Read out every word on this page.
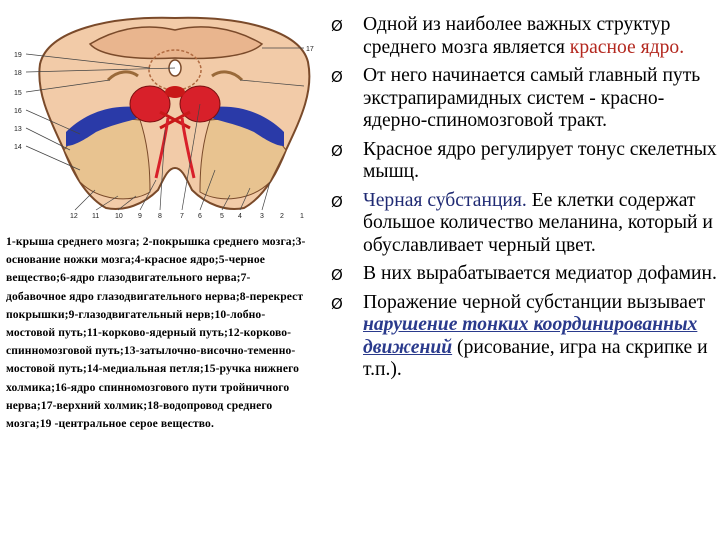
19
18
15
16
13
14
12 11 10 9 8	7 6	5 4	3 2 1
17
1-крыша среднего мозга; 2-покрышка среднего мозга;3-основание ножки мозга;4-красное ядро;5-черное вещество;6-ядро глазодвигательного нерва;7-добавочное ядро глазодвигательного нерва;8-перекрест покрышки;9-глазодвигательный нерв;10-лобно-мостовой путь;11-корково-ядерный путь;12-корково-спинномозговой путь;13-затылочно-височно-теменно-мостовой путь;14-медиальная петля;15-ручка нижнего холмика;16-ядро спинномозгового пути тройничного нерва;17-верхний холмик;18-водопровод среднего мозга;19 -центральное серое вещество.
Ø	Одной из наиболее важных структур среднего мозга является красное ядро.
Ø	От него начинается самый главный путь экстрапирамидных систем - красно-ядерно-спиномозговой тракт.
Ø	Красное ядро регулирует тонус скелетных мышц.
Ø	Черная субстанция. Ее клетки содержат большое количество меланина, который и обуславливает черный цвет.
Ø	В них вырабатывается медиатор дофамин.
Ø	Поражение черной субстанции вызывает нарушение тонких координированных движений (рисование, игра на скрипке и т.п.).
